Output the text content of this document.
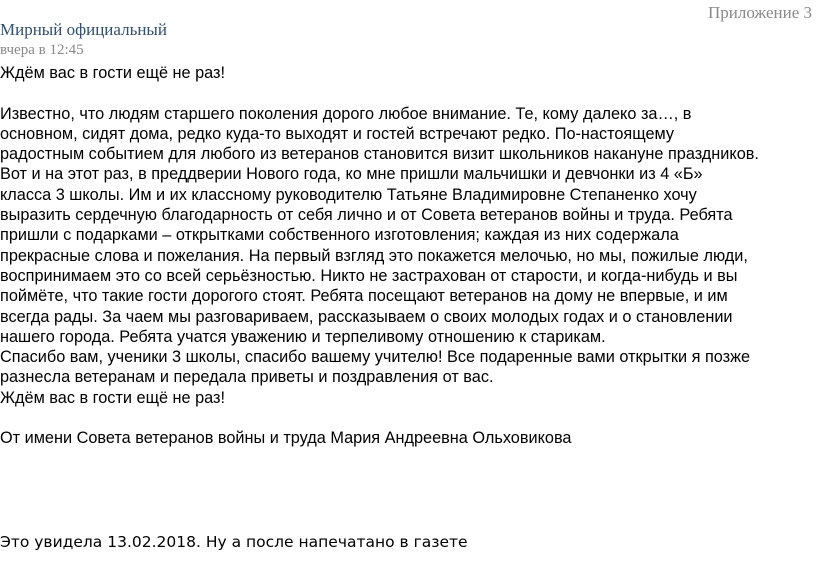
Приложение 3
Мирный официальный
вчера в 12:45

Ждём вас в гости ещё не раз!

Известно, что людям старшего поколения дорого любое внимание. Те, кому далеко за…, в

основном, сидят дома, редко куда-то выходят и гостей встречают редко. По-настоящему

радостным событием для любого из ветеранов становится визит школьников накануне праздников.

Вот и на этот раз, в преддверии Нового года, ко мне пришли мальчишки и девчонки из 4 «Б»

класса 3 школы. Им и их классному руководителю Татьяне Владимировне Степаненко хочу

выразить сердечную благодарность от себя лично и от Совета ветеранов войны и труда. Ребята

пришли с подарками – открытками собственного изготовления; каждая из них содержала

прекрасные слова и пожелания. На первый взгляд это покажется мелочью, но мы, пожилые люди,

воспринимаем это со всей серьёзностью. Никто не застрахован от старости, и когда-нибудь и вы

поймёте, что такие гости дорогого стоят. Ребята посещают ветеранов на дому не впервые, и им

всегда рады. За чаем мы разговариваем, рассказываем о своих молодых годах и о становлении

нашего города. Ребята учатся уважению и терпеливому отношению к старикам.

Спасибо вам, ученики 3 школы, спасибо вашему учителю! Все подаренные вами открытки я позже

разнесла ветеранам и передала приветы и поздравления от вас.

Ждём вас в гости ещё не раз!

От имени Совета ветеранов войны и труда Мария Андреевна Ольховикова

Это увидела 13.02.2018. Ну а после напечатано в газете
